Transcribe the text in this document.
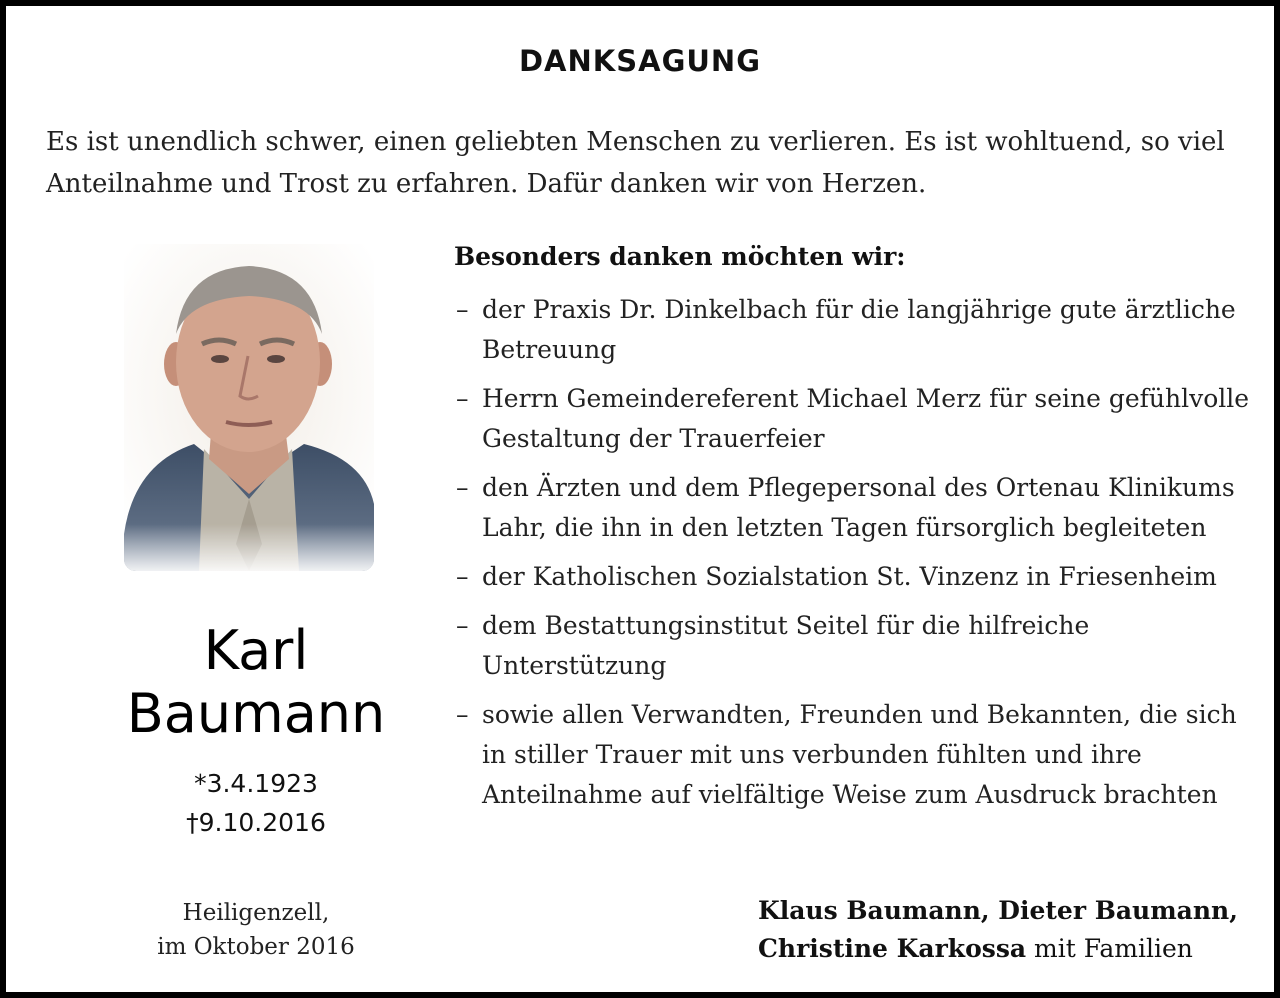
DANKSAGUNG
Es ist unendlich schwer, einen geliebten Menschen zu verlieren. Es ist wohltuend, so viel Anteilnahme und Trost zu erfahren. Dafür danken wir von Herzen.
Karl
Baumann
*3.4.1923
†9.10.2016
Heiligenzell,
im Oktober 2016
Besonders danken möchten wir:
– der Praxis Dr. Dinkelbach für die langjährige gute ärztliche Betreuung
– Herrn Gemeindereferent Michael Merz für seine gefühlvolle Gestaltung der Trauerfeier
– den Ärzten und dem Pflegepersonal des Ortenau Klinikums Lahr, die ihn in den letzten Tagen fürsorglich begleiteten
– der Katholischen Sozialstation St. Vinzenz in Friesenheim
– dem Bestattungsinstitut Seitel für die hilfreiche Unterstützung
– sowie allen Verwandten, Freunden und Bekannten, die sich in stiller Trauer mit uns verbunden fühlten und ihre Anteilnahme auf vielfältige Weise zum Ausdruck brachten
Klaus Baumann, Dieter Baumann,
Christine Karkossa mit Familien
